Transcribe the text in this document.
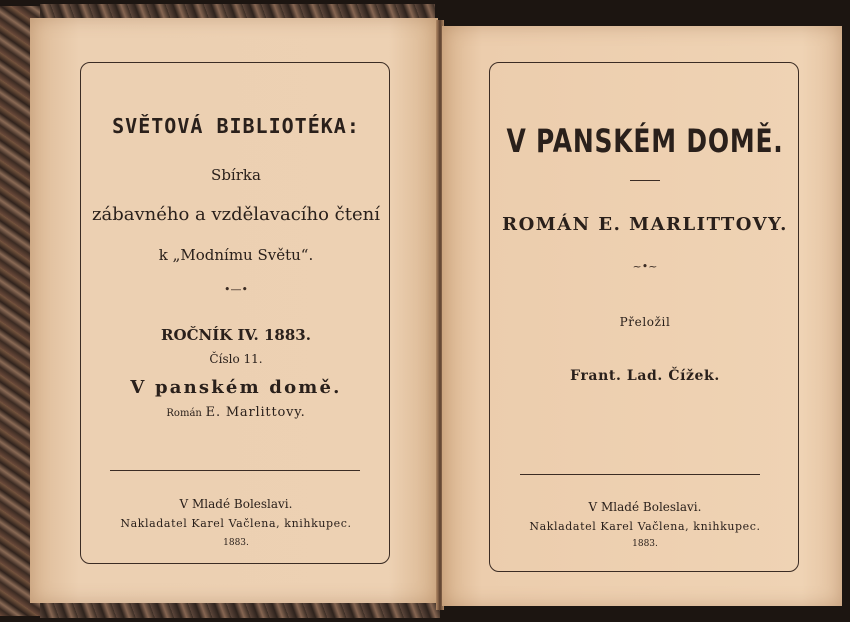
SVĚTOVÁ BIBLIOTÉKA:
Sbírka
zábavného a vzdělavacího čtení
k „Modnímu Světu“.
•—•
ROČNÍK IV. 1883.
Číslo 11.
V panském domě.
Román E. Marlittovy.
V Mladé Boleslavi.
Nakladatel Karel Vačlena, knihkupec.
1883.
V PANSKÉM DOMĚ.
ROMÁN E. MARLITTOVY.
~•~
Přeložil
Frant. Lad. Čížek.
V Mladé Boleslavi.
Nakladatel Karel Vačlena, knihkupec.
1883.
